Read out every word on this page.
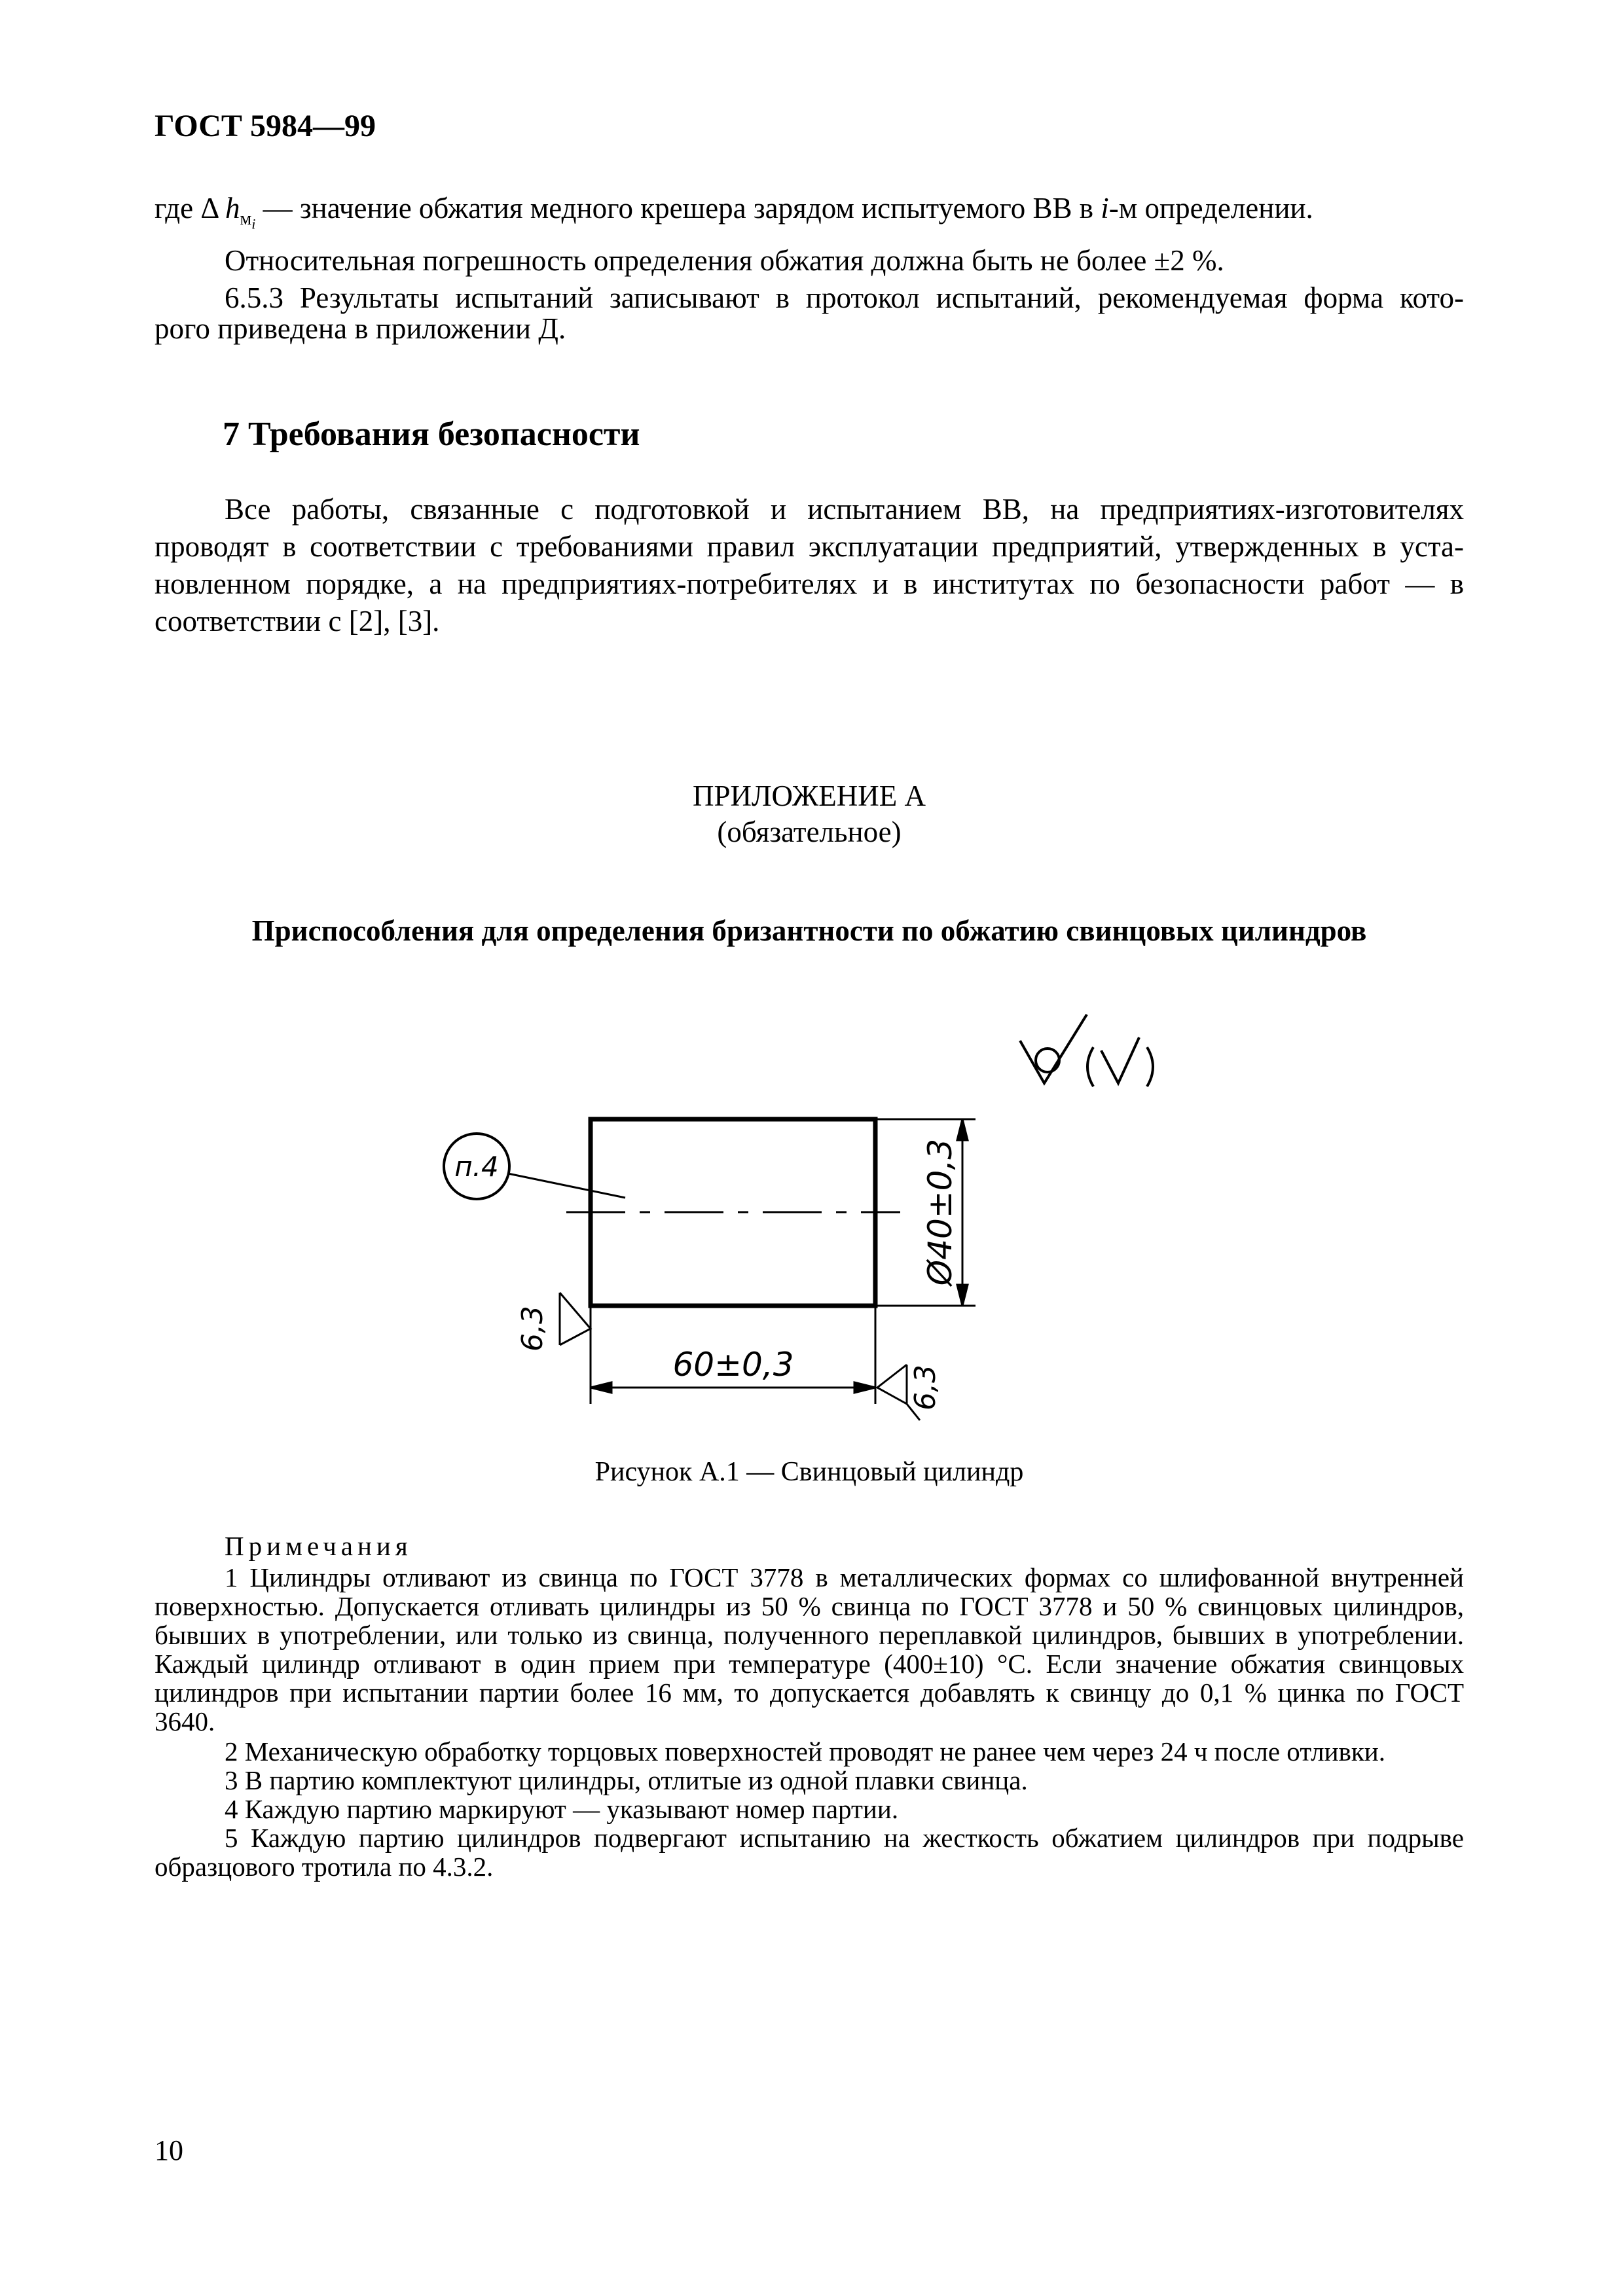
ГОСТ 5984—99

где Δ $h_{м_i}$ — значение обжатия медного крешера зарядом испытуемого ВВ в i-м определении.

Относительная погрешность определения обжатия должна быть не более ±2 %.

6.5.3 Результаты испытаний записывают в протокол испытаний, рекомендуемая форма кото-

рого приведена в приложении Д.

7 Требования безопасности

Все работы, связанные с подготовкой и испытанием ВВ, на предприятиях-изготовителях

проводят в соответствии с требованиями правил эксплуатации предприятий, утвержденных в уста-

новленном порядке, а на предприятиях-потребителях и в институтах по безопасности работ — в

соответствии с [2], [3].

ПРИЛОЖЕНИЕ А
(обязательное)
Приспособления для определения бризантности по обжатию свинцовых цилиндров
п.4	Ø40±0,3
60±0,3
6,3
6,3
Рисунок А.1 — Свинцовый цилиндр

Примечания

1 Цилиндры отливают из свинца по ГОСТ 3778 в металлических формах со шлифованной внутренней

поверхностью. Допускается отливать цилиндры из 50 % свинца по ГОСТ 3778 и 50 % свинцовых цилиндров,

бывших в употреблении, или только из свинца, полученного переплавкой цилиндров, бывших в употреблении.

Каждый цилиндр отливают в один прием при температуре (400±10) °С. Если значение обжатия свинцовых

цилиндров при испытании партии более 16 мм, то допускается добавлять к свинцу до 0,1 % цинка по ГОСТ

3640.

2 Механическую обработку торцовых поверхностей проводят не ранее чем через 24 ч после отливки.

3 В партию комплектуют цилиндры, отлитые из одной плавки свинца.

4 Каждую партию маркируют — указывают номер партии.

5 Каждую партию цилиндров подвергают испытанию на жесткость обжатием цилиндров при подрыве

образцового тротила по 4.3.2.

10
